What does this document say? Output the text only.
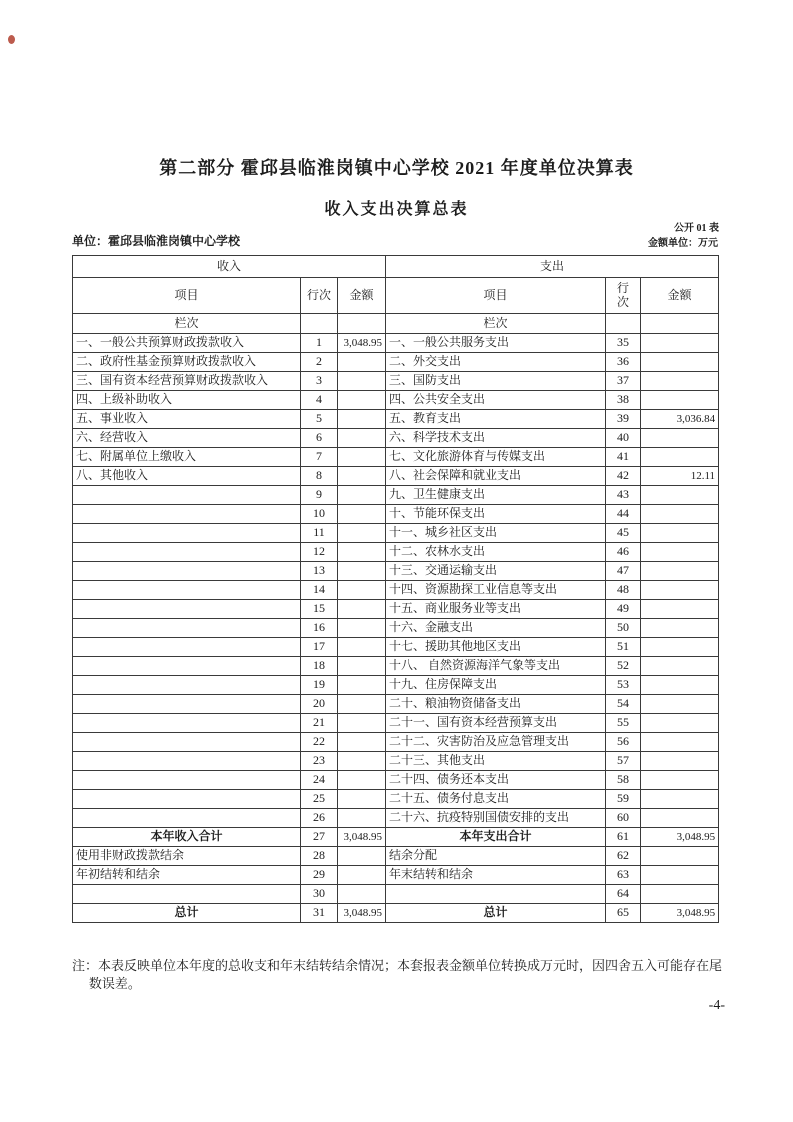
第二部分 霍邱县临淮岗镇中心学校 2021 年度单位决算表
收入支出决算总表
公开 01 表
单位：霍邱县临淮岗镇中心学校	金额单位：万元
收入			支出		
项目	行次	金额	项目	行次	金额
栏次			栏次		
一、一般公共预算财政拨款收入	1	3,048.95	一、一般公共服务支出	35	
二、政府性基金预算财政拨款收入	2		二、外交支出	36	
三、国有资本经营预算财政拨款收入	3		三、国防支出	37	
四、上级补助收入	4		四、公共安全支出	38	
五、事业收入	5		五、教育支出	39	3,036.84
六、经营收入	6		六、科学技术支出	40	
七、附属单位上缴收入	7		七、文化旅游体育与传媒支出	41	
八、其他收入	8		八、社会保障和就业支出	42	12.11
	9		九、卫生健康支出	43	
	10		十、节能环保支出	44	
	11		十一、城乡社区支出	45	
	12		十二、农林水支出	46	
	13		十三、交通运输支出	47	
	14		十四、资源勘探工业信息等支出	48	
	15		十五、商业服务业等支出	49	
	16		十六、金融支出	50	
	17		十七、援助其他地区支出	51	
	18		十八、 自然资源海洋气象等支出	52	
	19		十九、住房保障支出	53	
	20		二十、粮油物资储备支出	54	
	21		二十一、国有资本经营预算支出	55	
	22		二十二、灾害防治及应急管理支出	56	
	23		二十三、其他支出	57	
	24		二十四、债务还本支出	58	
	25		二十五、债务付息支出	59	
	26		二十六、抗疫特别国债安排的支出	60	
本年收入合计	27	3,048.95	本年支出合计	61	3,048.95
使用非财政拨款结余	28		结余分配	62	
年初结转和结余	29		年末结转和结余	63	
	30			64	
总计	31	3,048.95	总计	65	3,048.95
注：本表反映单位本年度的总收支和年末结转结余情况；本套报表金额单位转换成万元时，因四舍五入可能存在尾数误差。
-4-
